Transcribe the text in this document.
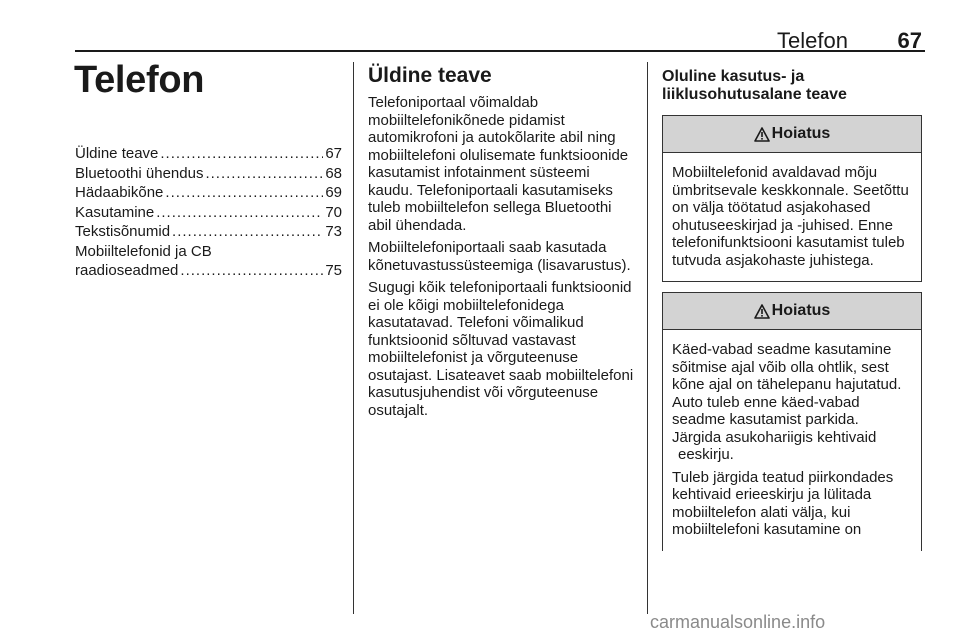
Telefon 67
Telefon
Üldine teave .....	67
Bluetoothi ühendus .....	68
Hädaabikõne .....	69
Kasutamine .....	70
Tekstisõnumid .....	73
Mobiiltelefonid ja CB
raadioseadmed .....	75
Üldine teave

Telefoniportaal võimaldab mobiiltelefonikõnede pidamist automikrofoni ja autokõlarite abil ning mobiiltelefoni olulisemate funktsioonide kasutamist infotainment süsteemi kaudu. Telefoniportaali kasutamiseks tuleb mobiiltelefon sellega Bluetoothi abil ühendada.

Mobiiltelefoniportaali saab kasutada kõnetuvastussüsteemiga (lisavarustus).

Sugugi kõik telefoniportaali funktsioonid ei ole kõigi mobiiltelefonidega kasutatavad. Telefoni võimalikud funktsioonid sõltuvad vastavast mobiiltelefonist ja võrguteenuse osutajast. Lisateavet saab mobiiltelefoni kasutusjuhendist või võrguteenuse osutajalt.

Oluline kasutus- ja liiklusohutusalane teave
Hoiatus

Mobiiltelefonid avaldavad mõju ümbritsevale keskkonnale. Seetõttu on välja töötatud asjakohased ohutuseeskirjad ja -juhised. Enne telefonifunktsiooni kasutamist tuleb tutvuda asjakohaste juhistega.

Hoiatus

Käed-vabad seadme kasutamine sõitmise ajal võib olla ohtlik, sest kõne ajal on tähelepanu hajutatud. Auto tuleb enne käed-vabad seadme kasutamist parkida. Järgida asukohariigis kehtivaid
eeskirju.

Tuleb järgida teatud piirkondades kehtivaid erieeskirju ja lülitada mobiiltelefon alati välja, kui mobiiltelefoni kasutamine on

carmanualsonline.info
